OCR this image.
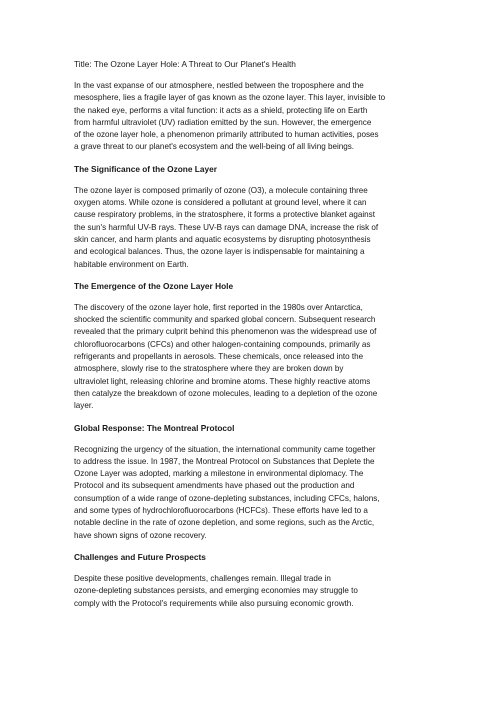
Title: The Ozone Layer Hole: A Threat to Our Planet's Health

In the vast expanse of our atmosphere, nestled between the troposphere and the
mesosphere, lies a fragile layer of gas known as the ozone layer. This layer, invisible to
the naked eye, performs a vital function: it acts as a shield, protecting life on Earth
from harmful ultraviolet (UV) radiation emitted by the sun. However, the emergence
of the ozone layer hole, a phenomenon primarily attributed to human activities, poses
a grave threat to our planet's ecosystem and the well-being of all living beings.

The Significance of the Ozone Layer

The ozone layer is composed primarily of ozone (O3), a molecule containing three
oxygen atoms. While ozone is considered a pollutant at ground level, where it can
cause respiratory problems, in the stratosphere, it forms a protective blanket against
the sun's harmful UV-B rays. These UV-B rays can damage DNA, increase the risk of
skin cancer, and harm plants and aquatic ecosystems by disrupting photosynthesis
and ecological balances. Thus, the ozone layer is indispensable for maintaining a
habitable environment on Earth.

The Emergence of the Ozone Layer Hole

The discovery of the ozone layer hole, first reported in the 1980s over Antarctica,
shocked the scientific community and sparked global concern. Subsequent research
revealed that the primary culprit behind this phenomenon was the widespread use of
chlorofluorocarbons (CFCs) and other halogen-containing compounds, primarily as
refrigerants and propellants in aerosols. These chemicals, once released into the
atmosphere, slowly rise to the stratosphere where they are broken down by
ultraviolet light, releasing chlorine and bromine atoms. These highly reactive atoms
then catalyze the breakdown of ozone molecules, leading to a depletion of the ozone
layer.

Global Response: The Montreal Protocol

Recognizing the urgency of the situation, the international community came together
to address the issue. In 1987, the Montreal Protocol on Substances that Deplete the
Ozone Layer was adopted, marking a milestone in environmental diplomacy. The
Protocol and its subsequent amendments have phased out the production and
consumption of a wide range of ozone-depleting substances, including CFCs, halons,
and some types of hydrochlorofluorocarbons (HCFCs). These efforts have led to a
notable decline in the rate of ozone depletion, and some regions, such as the Arctic,
have shown signs of ozone recovery.

Challenges and Future Prospects

Despite these positive developments, challenges remain. Illegal trade in
ozone-depleting substances persists, and emerging economies may struggle to
comply with the Protocol's requirements while also pursuing economic growth.
